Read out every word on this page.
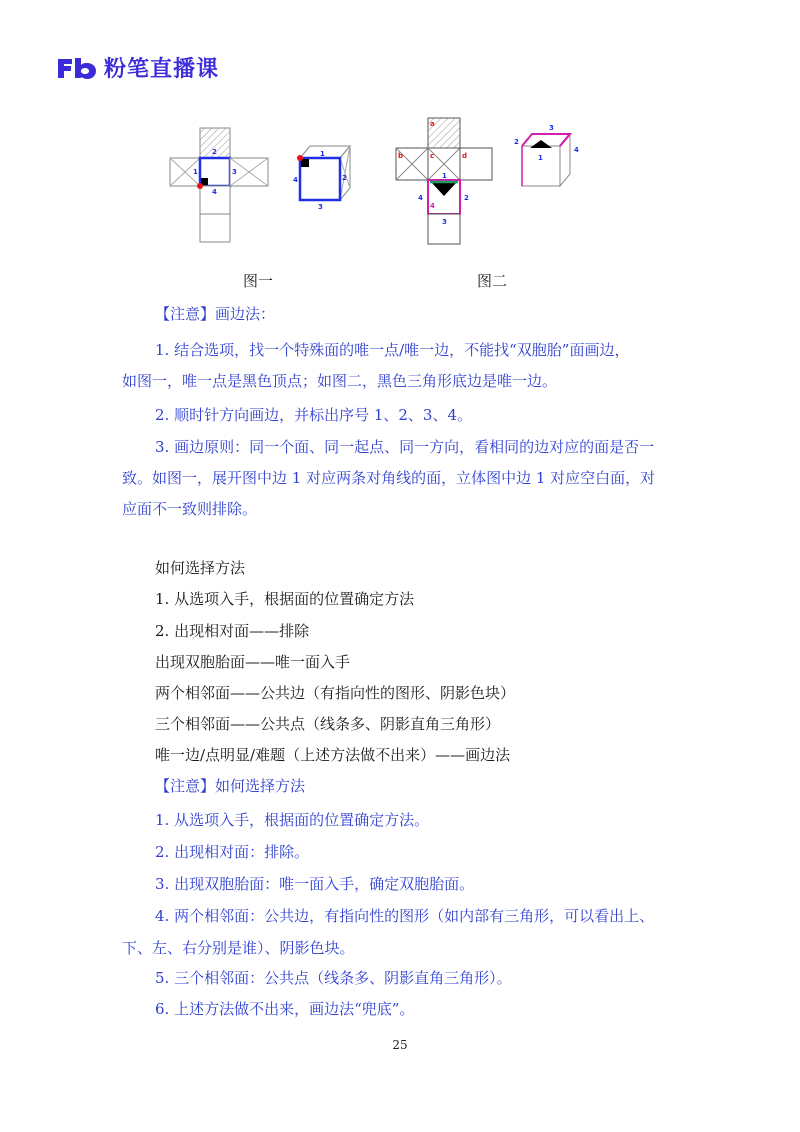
粉笔直播课
1
2
3
4
1
2
3
4
a
b	c	d
1
2
3
4
4
3
2
1
4
图一	图二
【注意】画边法：
1. 结合选项，找一个特殊面的唯一点/唯一边，不能找“双胞胎”面画边，
如图一，唯一点是黑色顶点；如图二，黑色三角形底边是唯一边。
2. 顺时针方向画边，并标出序号 1、2、3、4。
3. 画边原则：同一个面、同一起点、同一方向，看相同的边对应的面是否一
致。如图一，展开图中边 1 对应两条对角线的面，立体图中边 1 对应空白面，对
应面不一致则排除。
如何选择方法
1. 从选项入手，根据面的位置确定方法
2. 出现相对面——排除
出现双胞胎面——唯一面入手
两个相邻面——公共边（有指向性的图形、阴影色块）
三个相邻面——公共点（线条多、阴影直角三角形）
唯一边/点明显/难题（上述方法做不出来）——画边法
【注意】如何选择方法
1. 从选项入手，根据面的位置确定方法。
2. 出现相对面：排除。
3. 出现双胞胎面：唯一面入手，确定双胞胎面。
4. 两个相邻面：公共边，有指向性的图形（如内部有三角形，可以看出上、
下、左、右分别是谁）、阴影色块。
5. 三个相邻面：公共点（线条多、阴影直角三角形）。
6. 上述方法做不出来，画边法“兜底”。
25
